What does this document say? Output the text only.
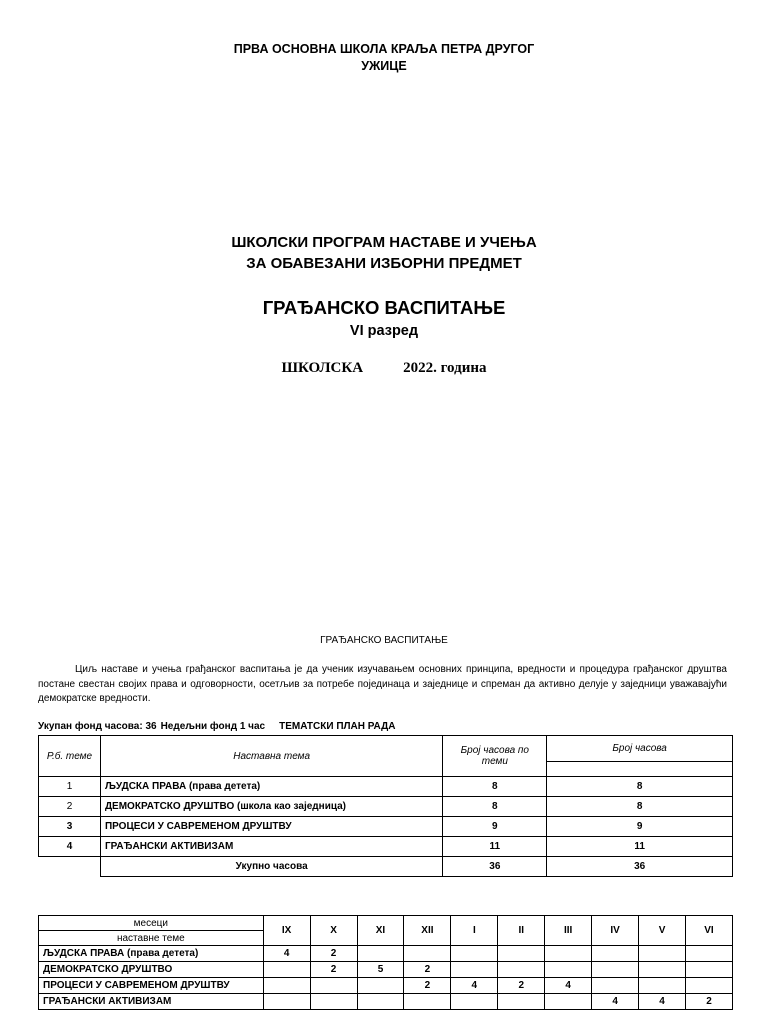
ПРВА ОСНОВНА ШКОЛА КРАЉА ПЕТРА ДРУГОГ
УЖИЦЕ
ШКОЛСКИ ПРОГРАМ НАСТАВЕ И УЧЕЊА
ЗА ОБАВЕЗАНИ ИЗБОРНИ ПРЕДМЕТ
ГРАЂАНСКО ВАСПИТАЊЕ
VI разред
ШКОЛСКА	2022. година
ГРАЂАНСКО ВАСПИТАЊЕ
Циљ наставе и учења грађанског васпитања је да ученик изучавањем основних принципа, вредности и процедура грађанског друштва постане свестан својих права и одговорности, осетљив за потребе појединаца и заједнице и спреман да активно делује у заједници уважавајући демократске вредности.
Укупан фонд часова: 36 Недељни фонд 1 час ТЕМАТСКИ ПЛАН РАДА
Р.б. теме	Наставна тема	Број часова по теми	Број часова

1	ЉУДСКА ПРАВА (права детета)	8	8
2	ДЕМОКРАТСКО ДРУШТВО (школа као заједница)	8	8
3	ПРОЦЕСИ У САВРЕМЕНОМ ДРУШТВУ	9	9
4	ГРАЂАНСКИ АКТИВИЗАМ	11	11
	Укупно часова	36	36
месеци	IX	X	XI	XII	I	II	III	IV	V	VI
наставне теме										
ЉУДСКА ПРАВА (права детета)	4	2								
ДЕМОКРАТСКО ДРУШТВО		2	5	2						
ПРОЦЕСИ У САВРЕМЕНОМ ДРУШТВУ				2	4	2	4			
ГРАЂАНСКИ АКТИВИЗАМ								4	4	2
